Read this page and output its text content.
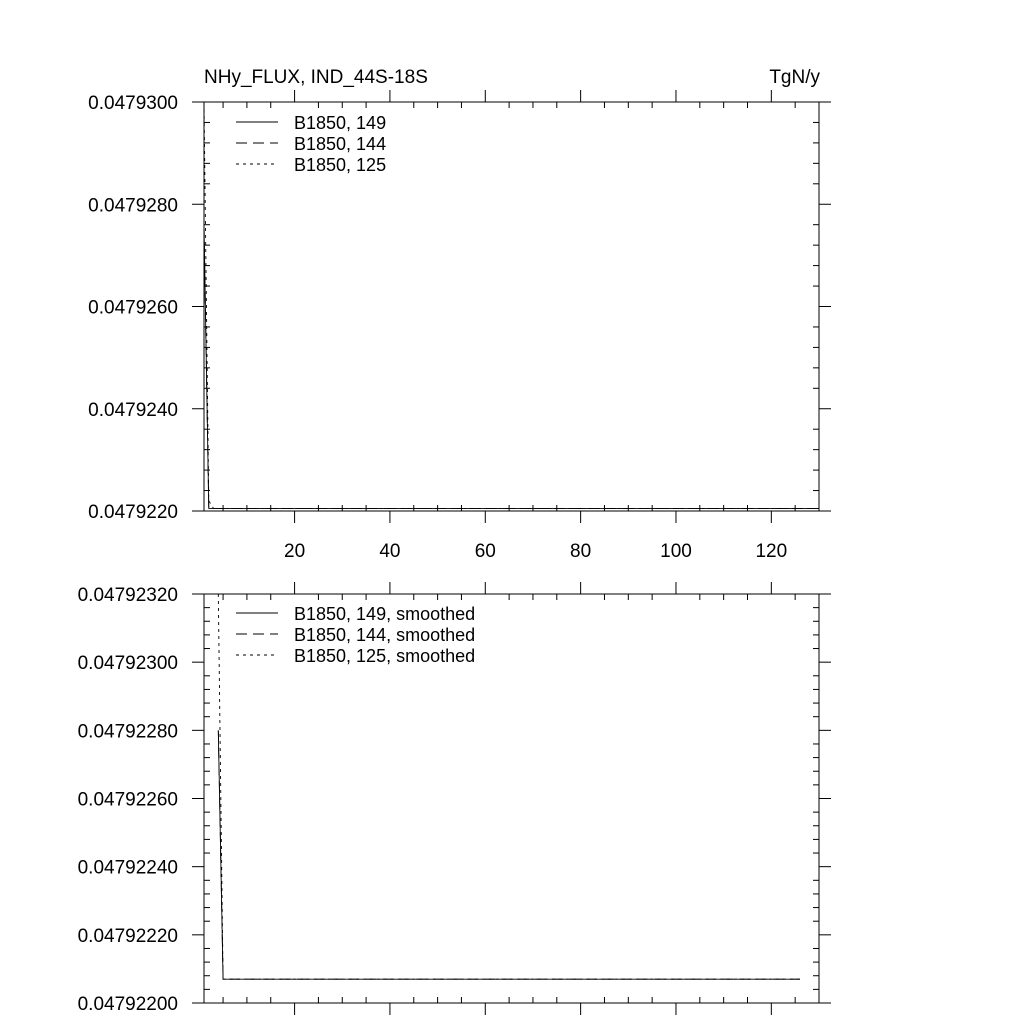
NHy_FLUX, IND_44S-18S	TgN/y
20	40	60	80	100	120
0.0479220
0.0479240
0.0479260
0.0479280
0.0479300
B1850, 149
B1850, 144
B1850, 125
0.04792200
0.04792220
0.04792240
0.04792260
0.04792280
0.04792300
0.04792320
B1850, 149, smoothed
B1850, 144, smoothed
B1850, 125, smoothed
